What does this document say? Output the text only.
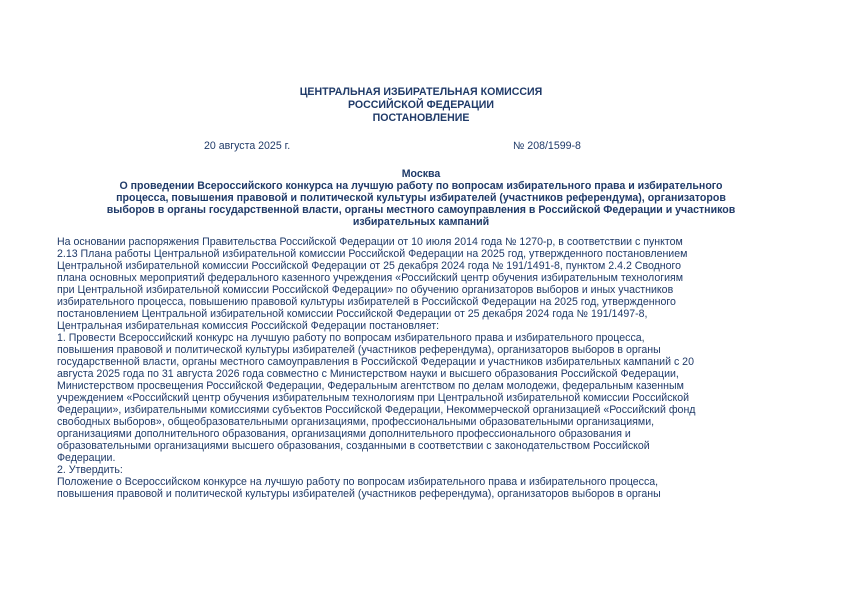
ЦЕНТРАЛЬНАЯ ИЗБИРАТЕЛЬНАЯ КОМИССИЯ
РОССИЙСКОЙ ФЕДЕРАЦИИ
ПОСТАНОВЛЕНИЕ
20 августа 2025 г.	№ 208/1599-8
Москва
О проведении Всероссийского конкурса на лучшую работу по вопросам избирательного права и избирательного
процесса, повышения правовой и политической культуры избирателей (участников референдума), организаторов
выборов в органы государственной власти, органы местного самоуправления в Российской Федерации и участников
избирательных кампаний
На основании распоряжения Правительства Российской Федерации от 10 июля 2014 года № 1270-р, в соответствии с пунктом
2.13 Плана работы Центральной избирательной комиссии Российской Федерации на 2025 год, утвержденного постановлением
Центральной избирательной комиссии Российской Федерации от 25 декабря 2024 года № 191/1491-8, пунктом 2.4.2 Сводного
плана основных мероприятий федерального казенного учреждения «Российский центр обучения избирательным технологиям
при Центральной избирательной комиссии Российской Федерации» по обучению организаторов выборов и иных участников
избирательного процесса, повышению правовой культуры избирателей в Российской Федерации на 2025 год, утвержденного
постановлением Центральной избирательной комиссии Российской Федерации от 25 декабря 2024 года № 191/1497-8,
Центральная избирательная комиссия Российской Федерации постановляет:
1. Провести Всероссийский конкурс на лучшую работу по вопросам избирательного права и избирательного процесса,
повышения правовой и политической культуры избирателей (участников референдума), организаторов выборов в органы
государственной власти, органы местного самоуправления в Российской Федерации и участников избирательных кампаний с 20
августа 2025 года по 31 августа 2026 года совместно с Министерством науки и высшего образования Российской Федерации,
Министерством просвещения Российской Федерации, Федеральным агентством по делам молодежи, федеральным казенным
учреждением «Российский центр обучения избирательным технологиям при Центральной избирательной комиссии Российской
Федерации», избирательными комиссиями субъектов Российской Федерации, Некоммерческой организацией «Российский фонд
свободных выборов», общеобразовательными организациями, профессиональными образовательными организациями,
организациями дополнительного образования, организациями дополнительного профессионального образования и
образовательными организациями высшего образования, созданными в соответствии с законодательством Российской
Федерации.
2. Утвердить:
Положение о Всероссийском конкурсе на лучшую работу по вопросам избирательного права и избирательного процесса,
повышения правовой и политической культуры избирателей (участников референдума), организаторов выборов в органы
